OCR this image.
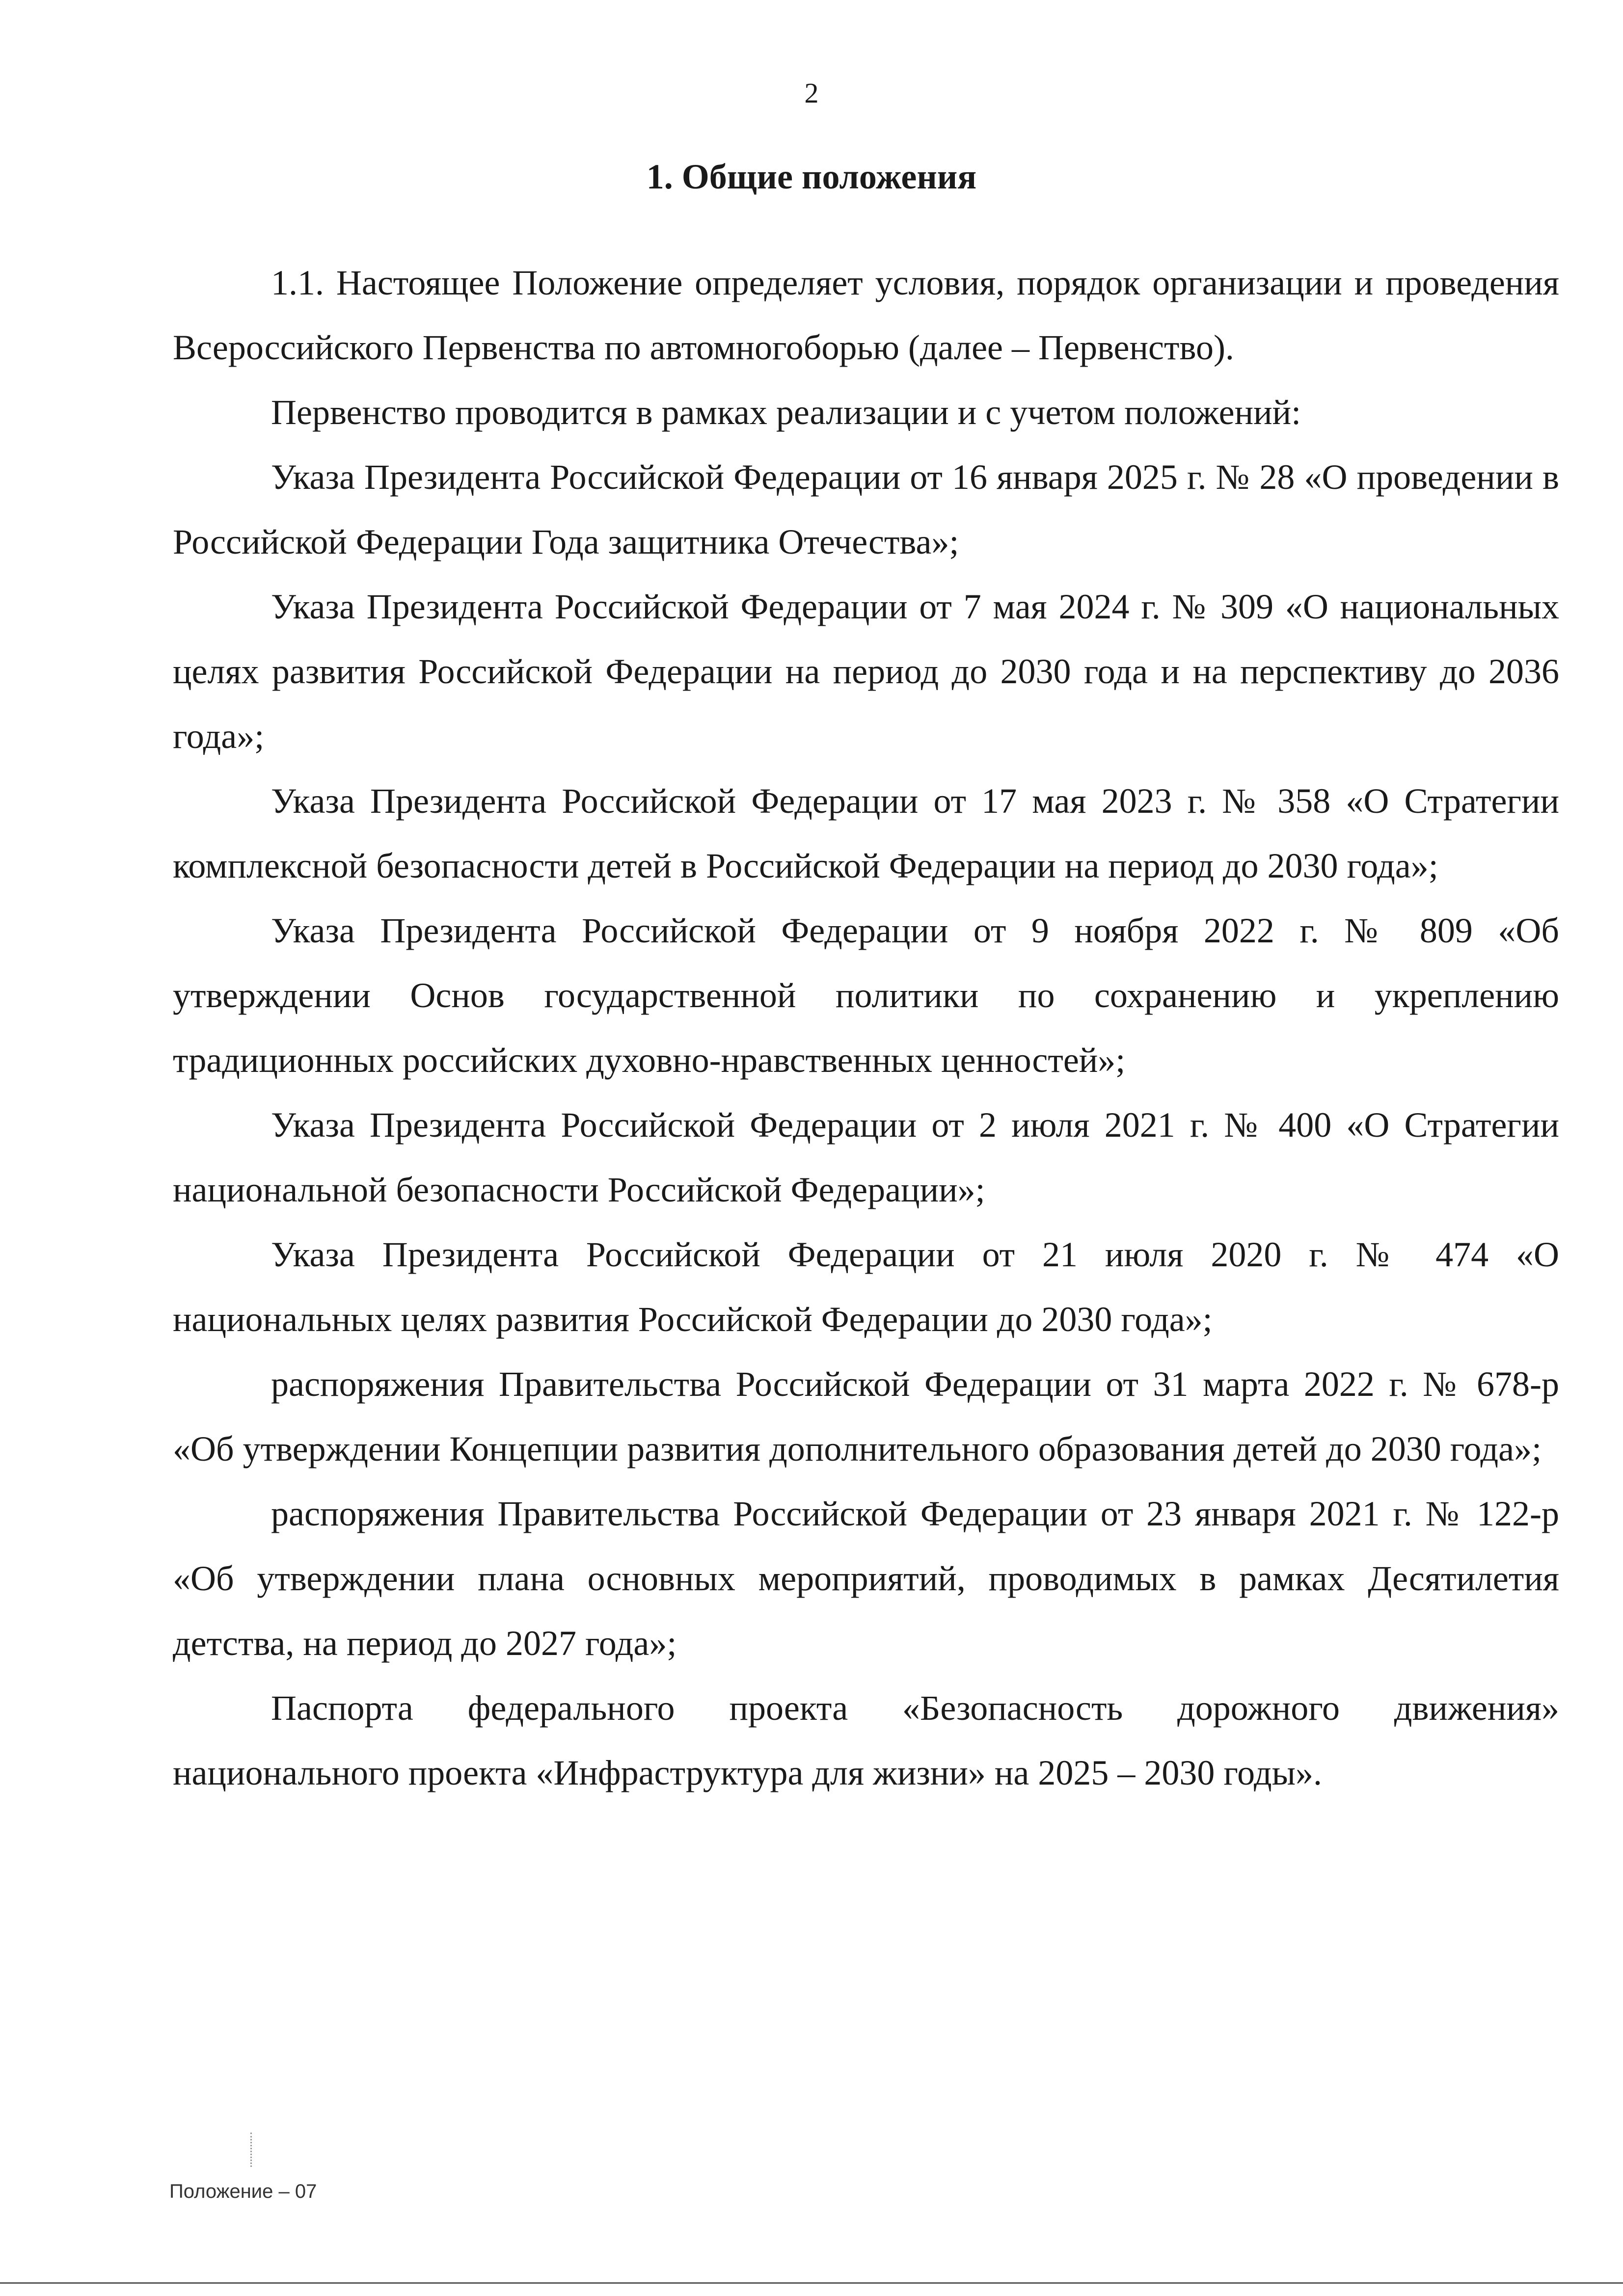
2
1. Общие положения

1.1. Настоящее Положение определяет условия, порядок организации и проведения Всероссийского Первенства по автомногоборью (далее – Первенство).

Первенство проводится в рамках реализации и с учетом положений:

Указа Президента Российской Федерации от 16 января 2025 г. № 28 «О проведении в Российской Федерации Года защитника Отечества»;

Указа Президента Российской Федерации от 7 мая 2024 г. № 309 «О национальных целях развития Российской Федерации на период до 2030 года и на перспективу до 2036 года»;

Указа Президента Российской Федерации от 17 мая 2023 г. № 358 «О Стратегии комплексной безопасности детей в Российской Федерации на период до 2030 года»;

Указа Президента Российской Федерации от 9 ноября 2022 г. № 809 «Об утверждении Основ государственной политики по сохранению и укреплению традиционных российских духовно-нравственных ценностей»;

Указа Президента Российской Федерации от 2 июля 2021 г. № 400 «О Стратегии национальной безопасности Российской Федерации»;

Указа Президента Российской Федерации от 21 июля 2020 г. № 474 «О национальных целях развития Российской Федерации до 2030 года»;

распоряжения Правительства Российской Федерации от 31 марта 2022 г. № 678-р «Об утверждении Концепции развития дополнительного образования детей до 2030 года»;

распоряжения Правительства Российской Федерации от 23 января 2021 г. № 122-р «Об утверждении плана основных мероприятий, проводимых в рамках Десятилетия детства, на период до 2027 года»;

Паспорта федерального проекта «Безопасность дорожного движения» национального проекта «Инфраструктура для жизни» на 2025 – 2030 годы».

Положение – 07
